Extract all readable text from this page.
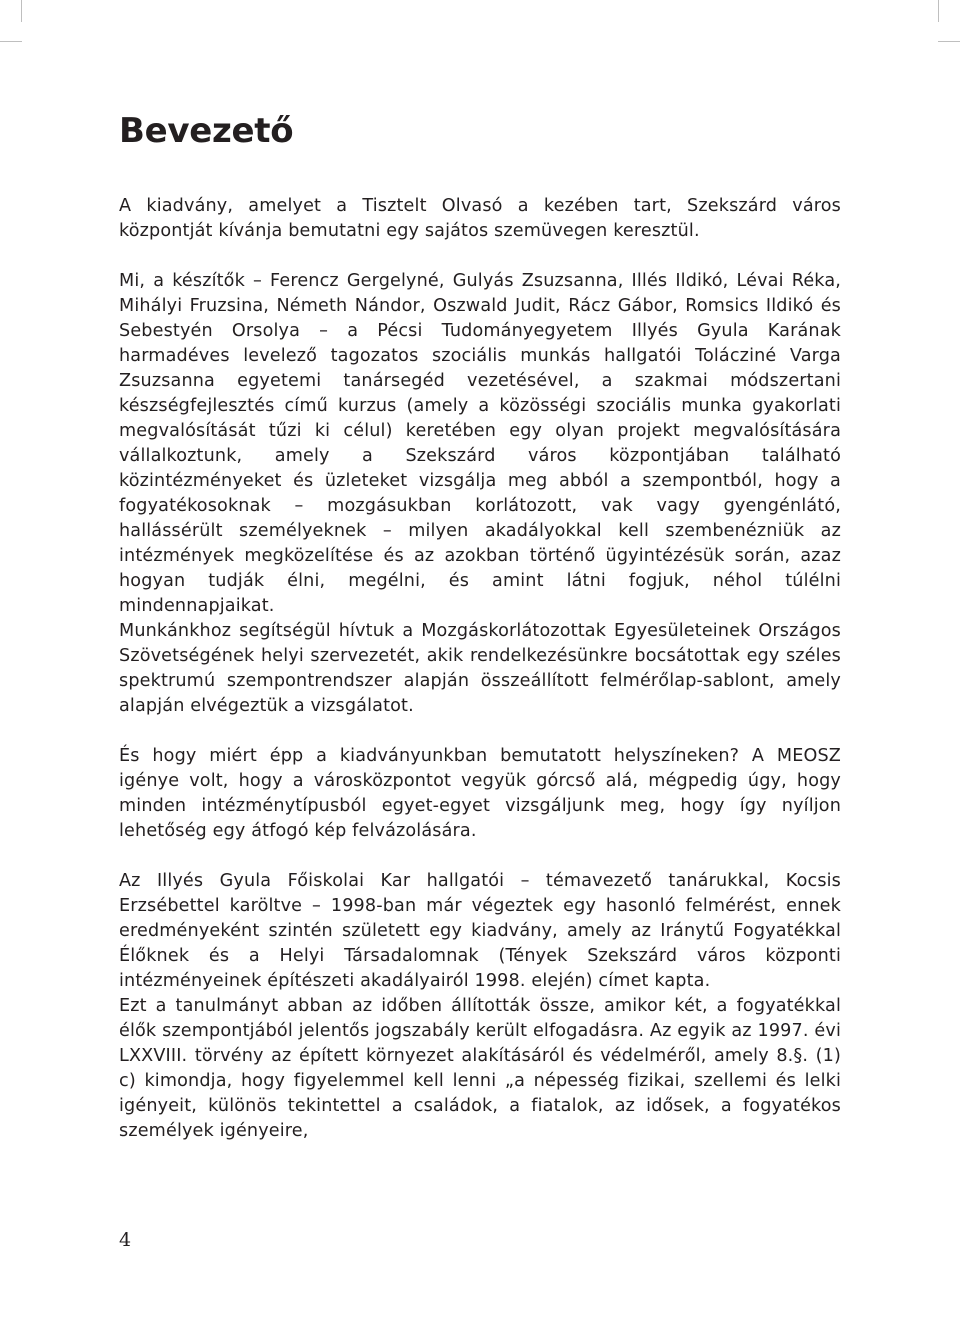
Bevezető

A kiadvány, amelyet a Tisztelt Olvasó a kezében tart, Szekszárd város központját kívánja bemutatni egy sajátos szemüvegen keresztül.

Mi, a készítők – Ferencz Gergelyné, Gulyás Zsuzsanna, Illés Ildikó, Lévai Réka, Mihályi Fruzsina, Németh Nándor, Oszwald Judit, Rácz Gábor, Romsics Ildikó és Sebestyén Orsolya – a Pécsi Tudományegyetem Illyés Gyula Karának harmadéves levelező tagozatos szociális munkás hallgatói Tolácziné Varga Zsuzsanna egyetemi tanársegéd vezetésével, a szakmai módszertani készségfejlesztés című kurzus (amely a közösségi szociális munka gyakorlati megvalósítását tűzi ki célul) keretében egy olyan projekt megvalósítására vállalkoztunk, amely a Szekszárd város központjában található közintézményeket és üzleteket vizsgálja meg abból a szempontból, hogy a fogyatékosoknak – mozgásukban korlátozott, vak vagy gyengénlátó, hallássérült személyeknek – milyen akadályokkal kell szembenézniük az intézmények megközelítése és az azokban történő ügyintézésük során, azaz hogyan tudják élni, megélni, és amint látni fogjuk, néhol túlélni mindennapjaikat.

Munkánkhoz segítségül hívtuk a Mozgáskorlátozottak Egyesületeinek Országos Szövetségének helyi szervezetét, akik rendelkezésünkre bocsátottak egy széles spektrumú szempontrendszer alapján összeállított felmérőlap-sablont, amely alapján elvégeztük a vizsgálatot.

És hogy miért épp a kiadványunkban bemutatott helyszíneken? A MEOSZ igénye volt, hogy a városközpontot vegyük górcső alá, mégpedig úgy, hogy minden intézménytípusból egyet-egyet vizsgáljunk meg, hogy így nyíljon lehetőség egy átfogó kép felvázolására.

Az Illyés Gyula Főiskolai Kar hallgatói – témavezető tanárukkal, Kocsis Erzsébettel karöltve – 1998-ban már végeztek egy hasonló felmérést, ennek eredményeként szintén született egy kiadvány, amely az Iránytű Fogyatékkal Élőknek és a Helyi Társadalomnak (Tények Szekszárd város központi intézményeinek építészeti akadályairól 1998. elején) címet kapta.

Ezt a tanulmányt abban az időben állították össze, amikor két, a fogyatékkal élők szempontjából jelentős jogszabály került elfogadásra. Az egyik az 1997. évi LXXVIII. törvény az épített környezet alakításáról és védelméről, amely 8.§. (1) c) kimondja, hogy figyelemmel kell lenni „a népesség fizikai, szellemi és lelki igényeit, különös tekintettel a családok, a fiatalok, az idősek, a fogyatékos személyek igényeire,

4
